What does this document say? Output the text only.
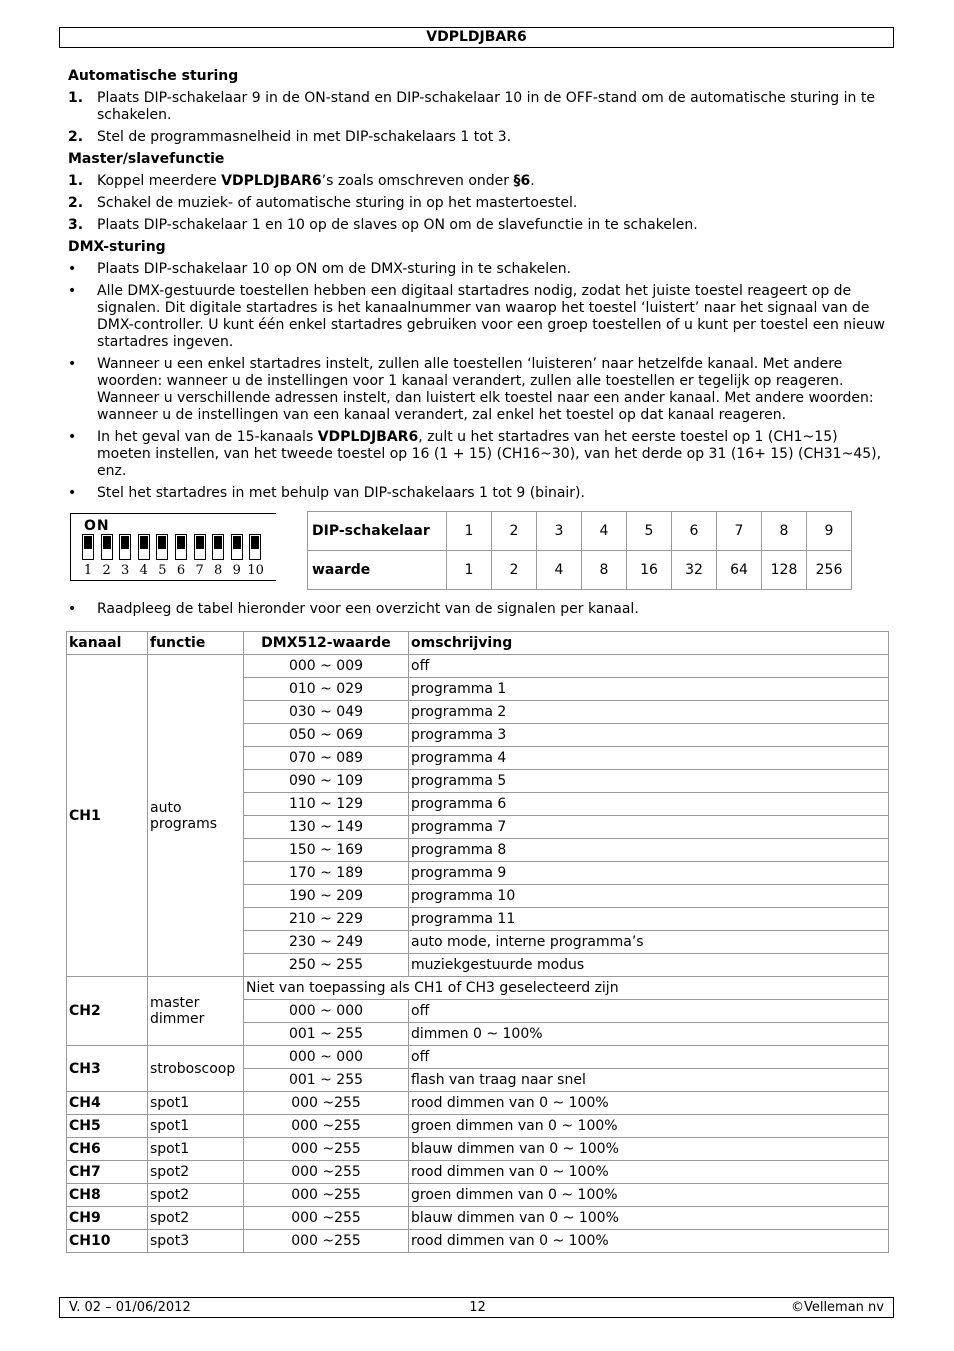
VDPLDJBAR6
Automatische sturing
1. Plaats DIP-schakelaar 9 in de ON-stand en DIP-schakelaar 10 in de OFF-stand om de automatische sturing in te schakelen.
2. Stel de programmasnelheid in met DIP-schakelaars 1 tot 3.
Master/slavefunctie
1. Koppel meerdere VDPLDJBAR6’s zoals omschreven onder §6.
2. Schakel de muziek- of automatische sturing in op het mastertoestel.
3. Plaats DIP-schakelaar 1 en 10 op de slaves op ON om de slavefunctie in te schakelen.
DMX-sturing
• Plaats DIP-schakelaar 10 op ON om de DMX-sturing in te schakelen.
• Alle DMX-gestuurde toestellen hebben een digitaal startadres nodig, zodat het juiste toestel reageert op de signalen. Dit digitale startadres is het kanaalnummer van waarop het toestel ‘luistert’ naar het signaal van de DMX-controller. U kunt één enkel startadres gebruiken voor een groep toestellen of u kunt per toestel een nieuw startadres ingeven.
• Wanneer u een enkel startadres instelt, zullen alle toestellen ‘luisteren’ naar hetzelfde kanaal. Met andere woorden: wanneer u de instellingen voor 1 kanaal verandert, zullen alle toestellen er tegelijk op reageren. Wanneer u verschillende adressen instelt, dan luistert elk toestel naar een ander kanaal. Met andere woorden: wanneer u de instellingen van een kanaal verandert, zal enkel het toestel op dat kanaal reageren.
• In het geval van de 15-kanaals VDPLDJBAR6, zult u het startadres van het eerste toestel op 1 (CH1~15) moeten instellen, van het tweede toestel op 16 (1 + 15) (CH16~30), van het derde op 31 (16+ 15) (CH31~45), enz.
• Stel het startadres in met behulp van DIP-schakelaars 1 tot 9 (binair).
ON
1 2 3 4 5 6 7 8 9 10
DIP-schakelaar	1	2	3	4	5	6	7	8	9
waarde	1	2	4	8	16	32	64	128	256
• Raadpleeg de tabel hieronder voor een overzicht van de signalen per kanaal.
kanaal	functie	DMX512-waarde	omschrijving
CH1	auto programs	000 ~ 009	off
		010 ~ 029	programma 1
		030 ~ 049	programma 2
		050 ~ 069	programma 3
		070 ~ 089	programma 4
		090 ~ 109	programma 5
		110 ~ 129	programma 6
		130 ~ 149	programma 7
		150 ~ 169	programma 8
		170 ~ 189	programma 9
		190 ~ 209	programma 10
		210 ~ 229	programma 11
		230 ~ 249	auto mode, interne programma’s
		250 ~ 255	muziekgestuurde modus
CH2	master dimmer	Niet van toepassing als CH1 of CH3 geselecteerd zijn	
		000 ~ 000	off
		001 ~ 255	dimmen 0 ~ 100%
CH3	stroboscoop	000 ~ 000	off
		001 ~ 255	flash van traag naar snel
CH4	spot1	000 ~255	rood dimmen van 0 ~ 100%
CH5	spot1	000 ~255	groen dimmen van 0 ~ 100%
CH6	spot1	000 ~255	blauw dimmen van 0 ~ 100%
CH7	spot2	000 ~255	rood dimmen van 0 ~ 100%
CH8	spot2	000 ~255	groen dimmen van 0 ~ 100%
CH9	spot2	000 ~255	blauw dimmen van 0 ~ 100%
CH10	spot3	000 ~255	rood dimmen van 0 ~ 100%
V. 02 – 01/06/2012	12	©Velleman nv
